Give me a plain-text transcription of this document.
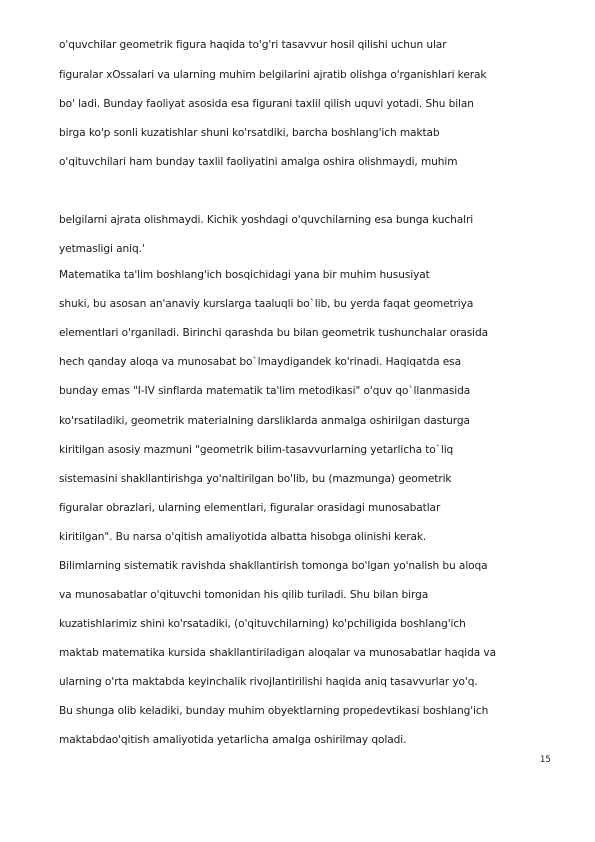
o'quvchilar geometrik figura haqida to'g'ri tasavvur hosil qilishi uchun ular
figuralar xOssalari va ularning muhim belgilarini ajratib olishga o'rganishlari kerak
bo' ladi. Bunday faoliyat asosida esa figurani taxlil qilish uquvi yotadi. Shu bilan
birga ko'p sonli kuzatishlar shuni ko'rsatdiki, barcha boshlang'ich maktab
o'qituvchilari ham bunday taxlil faoliyatini amalga oshira olishmaydi, muhim
belgilarni ajrata olishmaydi. Kichik yoshdagi o'quvchilarning esa bunga kuchalri
yetmasligi aniq.'
Matematika ta'lim boshlang'ich bosqichidagi yana bir muhim hususiyat
shuki, bu asosan an'anaviy kurslarga taaluqli bo`lib, bu yerda faqat geometriya
elementlari o'rganiladi. Birinchi qarashda bu bilan geometrik tushunchalar orasida
hech qanday aloqa va munosabat bo`lmaydigandek ko'rinadi. Haqiqatda esa
bunday emas "I-IV sinflarda matematik ta'lim metodikasi" o'quv qo`llanmasida
ko'rsatiladiki, geometrik materialning darsliklarda anmalga oshirilgan dasturga
kiritilgan asosiy mazmuni "geometrik bilim-tasavvurlarning yetarlicha to`liq
sistemasini shakllantirishga yo'naltirilgan bo'lib, bu (mazmunga) geometrik
figuralar obrazlari, ularning elementlari, figuralar orasidagi munosabatlar
kiritilgan". Bu narsa o'qitish amaliyotida albatta hisobga olinishi kerak.
Bilimlarning sistematik ravishda shakllantirish tomonga bo'lgan yo'nalish bu aloqa
va munosabatlar o'qituvchi tomonidan his qilib turiladi. Shu bilan birga
kuzatishlarimiz shini ko'rsatadiki, (o'qituvchilarning) ko'pchiligida boshlang'ich
maktab matematika kursida shakllantiriladigan aloqalar va munosabatlar haqida va
ularning o'rta maktabda keyinchalik rivojlantirilishi haqida aniq tasavvurlar yo'q.
Bu shunga olib keladiki, bunday muhim obyektlarning propedevtikasi boshlang'ich
maktabdao'qitish amaliyotida yetarlicha amalga oshirilmay qoladi.
15
